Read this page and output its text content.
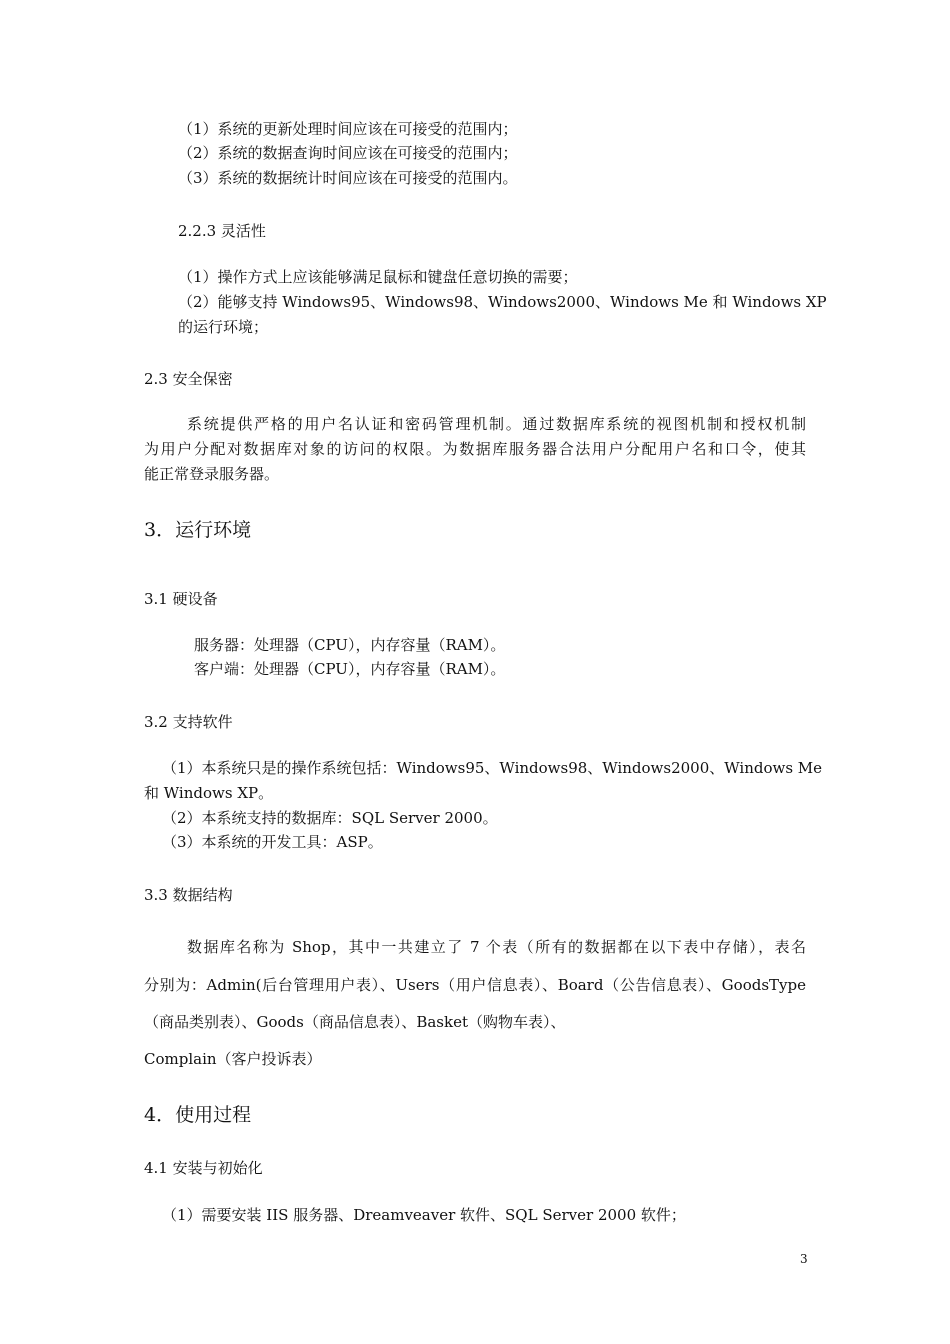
（1）系统的更新处理时间应该在可接受的范围内；
（2）系统的数据查询时间应该在可接受的范围内；
（3）系统的数据统计时间应该在可接受的范围内。
2.2.3 灵活性
（1）操作方式上应该能够满足鼠标和键盘任意切换的需要；
（2）能够支持 Windows95、Windows98、Windows2000、Windows Me 和 Windows XP
的运行环境；
2.3 安全保密
系统提供严格的用户名认证和密码管理机制。通过数据库系统的视图机制和授权机制
为用户分配对数据库对象的访问的权限。为数据库服务器合法用户分配用户名和口令，使其
能正常登录服务器。
3．运行环境
3.1 硬设备
服务器：处理器（CPU），内存容量（RAM）。
客户端：处理器（CPU），内存容量（RAM）。
3.2 支持软件
（1）本系统只是的操作系统包括：Windows95、Windows98、Windows2000、Windows Me
和 Windows XP。
（2）本系统支持的数据库：SQL Server 2000。
（3）本系统的开发工具：ASP。
3.3 数据结构
数据库名称为 Shop，其中一共建立了 7 个表（所有的数据都在以下表中存储），表名
分别为：Admin(后台管理用户表）、Users（用户信息表）、Board（公告信息表）、GoodsType
（商品类别表）、Goods（商品信息表）、Basket（购物车表）、
Complain（客户投诉表）
4．使用过程
4.1 安装与初始化
（1）需要安装 IIS 服务器、Dreamveaver 软件、SQL Server 2000 软件；
3
